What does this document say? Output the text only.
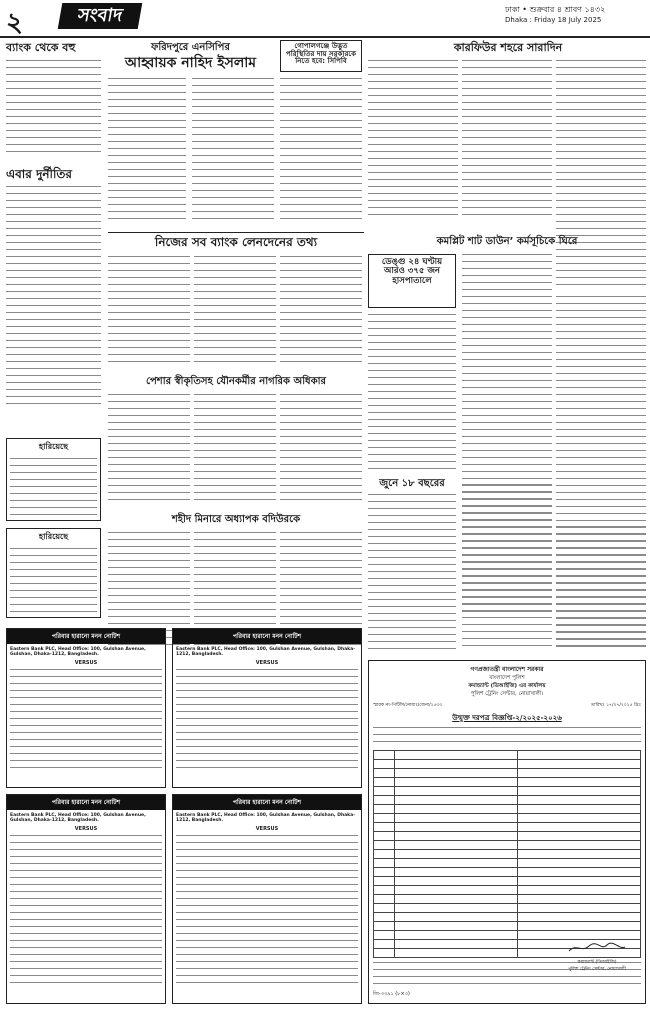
২	সংবাদ	ঢাকা • শুক্রবার ৪ শ্রাবণ ১৪৩২
Dhaka : Friday 18 July 2025
ব্যাংক থেকে বহু
এবার দুর্নীতির
হারিয়েছে
হারিয়েছে
ফরিদপুরে এনসিপির
আহ্বায়ক নাহিদ ইসলাম
গোপালগঞ্জে উদ্ভূত পরিস্থিতির দায় সরকারকে নিতে হবে: সিপিবি
কারফিউর শহরে সারাদিন
নিজের সব ব্যাংক লেনদেনের তথ্য
পেশার স্বীকৃতিসহ যৌনকর্মীর নাগরিক অধিকার
শহীদ মিনারে অধ্যাপক বদিউরকে
কমপ্লিট শাট ডাউন’ কর্মসূচিকে ঘিরে
ডেঙ্গু ২৪ ঘণ্টায় আরও ৩৭৫ জন হাসপাতালে
জুনে ১৮ বছরের
পরিবার হারানো মনন নোটিশ
Eastern Bank PLC, Head Office: 100, Gulshan Avenue, Gulshan, Dhaka-1212, Bangladesh.
VERSUS
পরিবার হারানো মনন নোটিশ
Eastern Bank PLC, Head Office: 100, Gulshan Avenue, Gulshan, Dhaka-1212, Bangladesh.
VERSUS
পরিবার হারানো মনন নোটিশ
Eastern Bank PLC, Head Office: 100, Gulshan Avenue, Gulshan, Dhaka-1212, Bangladesh.
VERSUS
পরিবার হারানো মনন নোটিশ
Eastern Bank PLC, Head Office: 100, Gulshan Avenue, Gulshan, Dhaka-1212, Bangladesh.
VERSUS
গণপ্রজাতন্ত্রী বাংলাদেশ সরকার
বাংলাদেশ পুলিশ
কমান্ড্যান্ট (ডিআইজি) এর কার্যালয়
পুলিশ ট্রেনিং সেন্টার, নোয়াখালী।
স্মারক নং-পিটিসি/নোয়াঃ/জেনা/২৫৩৩	তারিখঃ ১৭/০৭/২০২৫ খ্রিঃ
উন্মুক্ত দরপত্র বিজ্ঞপ্তি-২/২০২৫-২০২৬

কমান্ড্যান্ট (ডিআইজি)
পুলিশ ট্রেনিং সেন্টার, নোয়াখালী
জি-৩৩৯১ (৮×৩)
